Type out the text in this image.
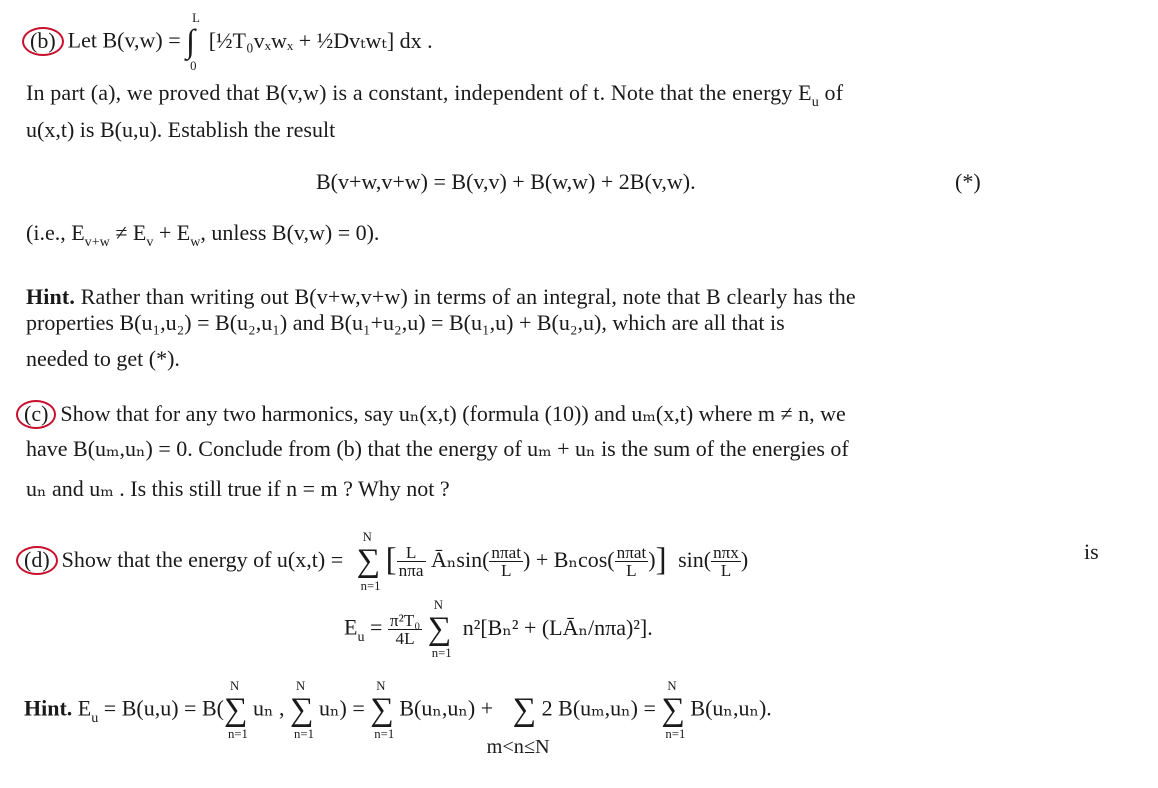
(b) Let B(v,w) = ∫
L
0
[½T₀vₓwₓ + ½Dvₜwₜ] dx .
In part (a), we proved that B(v,w) is a constant, independent of t. Note that the energy $E_u$ of
u(x,t) is B(u,u). Establish the result
B(v+w,v+w) = B(v,v) + B(w,w) + 2B(v,w).	(*)
(i.e., $E_{v+w} \ne E_v + E_w$, unless B(v,w) = 0).
Hint. Rather than writing out B(v+w,v+w) in terms of an integral, note that B clearly has the
properties B(u₁,u₂) = B(u₂,u₁) and B(u₁+u₂,u) = B(u₁,u) + B(u₂,u), which are all that is
needed to get (*).
(c) Show that for any two harmonics, say uₙ(x,t) (formula (10)) and uₘ(x,t) where m ≠ n, we
have B(uₘ,uₙ) = 0. Conclude from (b) that the energy of uₘ + uₙ is the sum of the energies of
uₙ and uₘ . Is this still true if n = m ? Why not ?
(d) Show that the energy of u(x,t) = ∑
N
n=1
[ $\frac{L}{\text{nπa}}$ Āₙsin( $\frac{\text{nπat}}{L}$ ) + $B_n\cos( \frac{\text{nπat}}{L}$ )] $\sin( \frac{\text{nπx}}{L}$ )	is
$E_u = \frac{\text{π²T₀}}{4L}$ ∑
N
n=1
n²[Bₙ² + (LĀₙ/nπa)²].
Hint. $E_u = B(u,u) = B(\sum$
N
n=1
uₙ , ∑
N
n=1
uₙ) = ∑
N
n=1
B(uₙ,uₙ) + ∑
m<n≤N
2 B(uₘ,uₙ) = ∑
N
n=1
B(uₙ,uₙ).
